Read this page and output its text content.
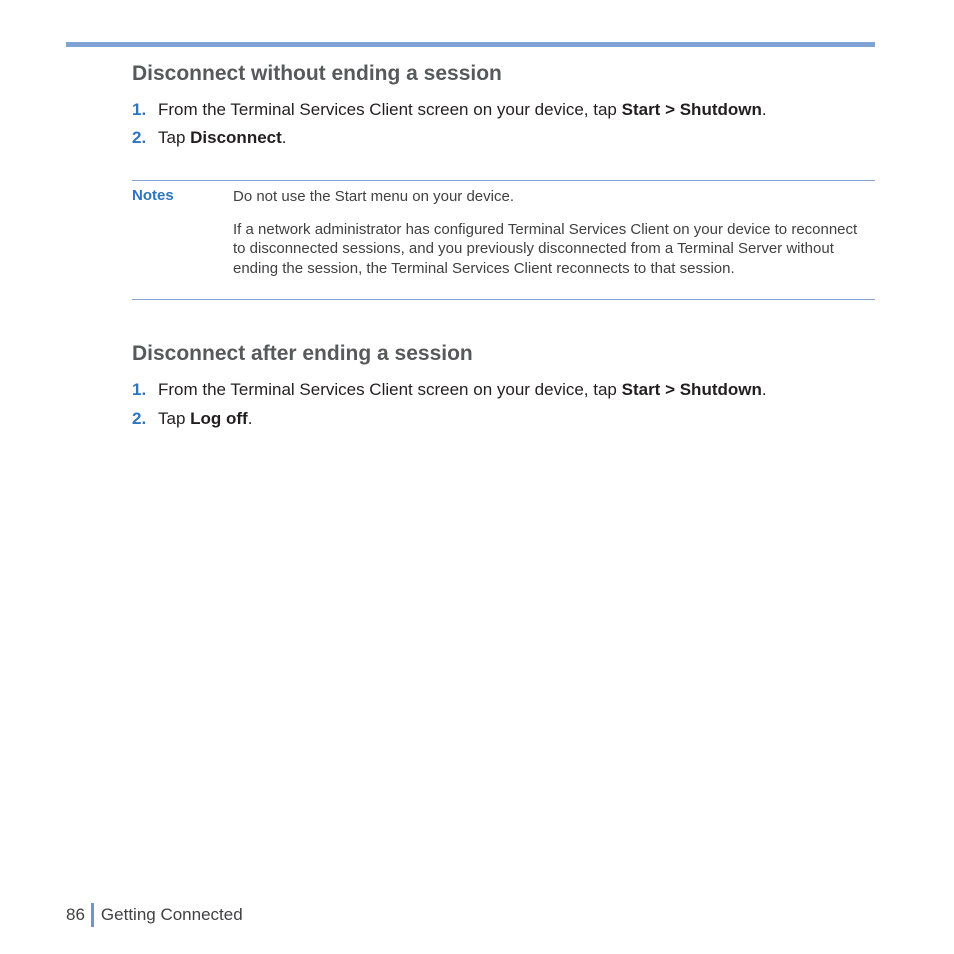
Disconnect without ending a session
1. From the Terminal Services Client screen on your device, tap Start > Shutdown.
2. Tap Disconnect.
Notes	Do not use the Start menu on your device.

If a network administrator has configured Terminal Services Client on your device to reconnect to disconnected sessions, and you previously disconnected from a Terminal Server without ending the session, the Terminal Services Client reconnects to that session.

Disconnect after ending a session
1. From the Terminal Services Client screen on your device, tap Start > Shutdown.
2. Tap Log off.
86 Getting Connected
